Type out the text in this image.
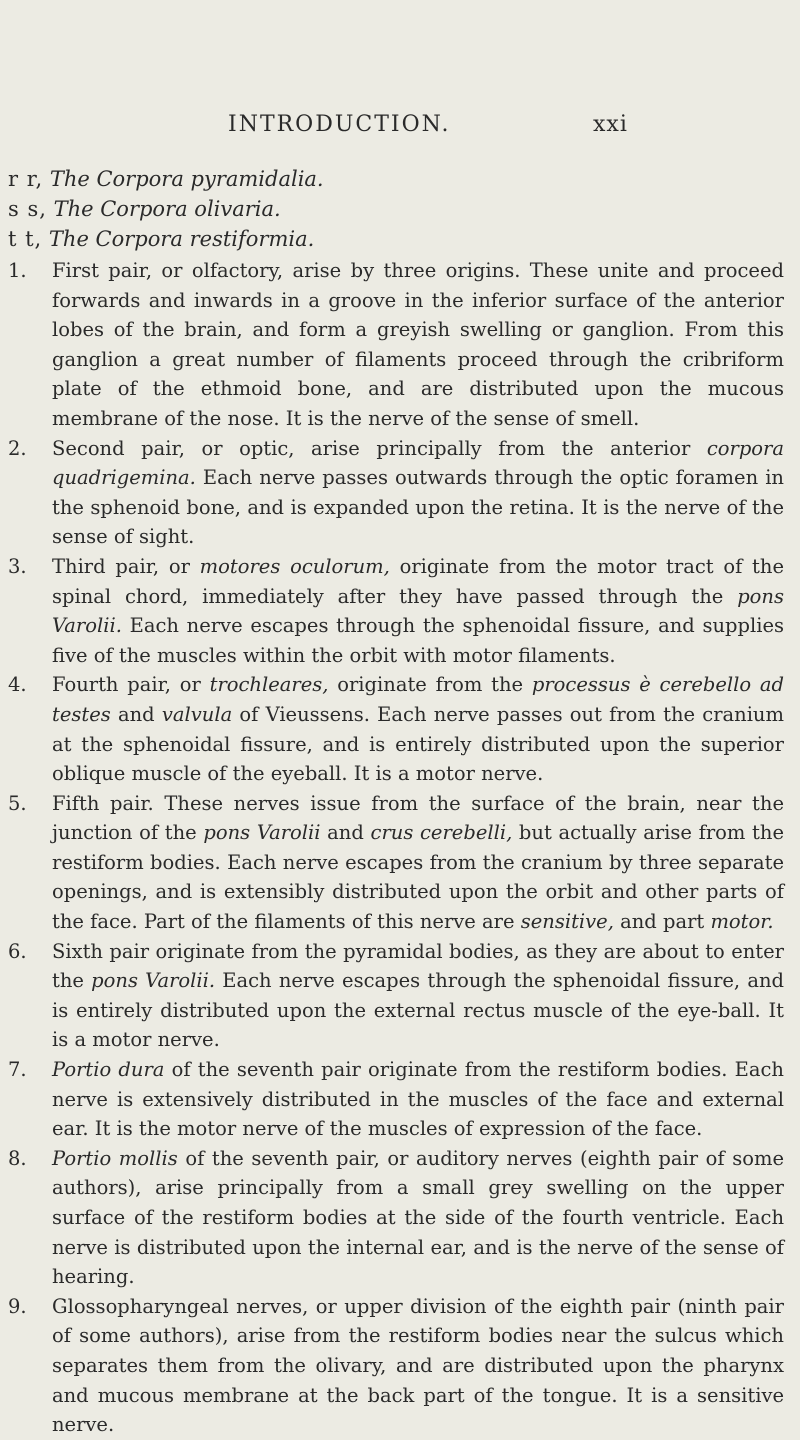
INTRODUCTION.	xxi
r r, The Corpora pyramidalia.
s s, The Corpora olivaria.
t t, The Corpora restiformia.

1. First pair, or olfactory, arise by three origins. These unite and proceed forwards and inwards in a groove in the inferior surface of the anterior lobes of the brain, and form a greyish swelling or ganglion. From this ganglion a great number of filaments proceed through the cribriform plate of the ethmoid bone, and are distributed upon the mucous membrane of the nose. It is the nerve of the sense of smell.

2. Second pair, or optic, arise principally from the anterior corpora quadrigemina. Each nerve passes outwards through the optic foramen in the sphenoid bone, and is expanded upon the retina. It is the nerve of the sense of sight.

3. Third pair, or motores oculorum, originate from the motor tract of the spinal chord, immediately after they have passed through the pons Varolii. Each nerve escapes through the sphenoidal fissure, and supplies five of the muscles within the orbit with motor filaments.

4. Fourth pair, or trochleares, originate from the processus è cerebello ad testes and valvula of Vieussens. Each nerve passes out from the cranium at the sphenoidal fissure, and is entirely distributed upon the superior oblique muscle of the eyeball. It is a motor nerve.

5. Fifth pair. These nerves issue from the surface of the brain, near the junction of the pons Varolii and crus cerebelli, but actually arise from the restiform bodies. Each nerve escapes from the cranium by three separate openings, and is extensibly distributed upon the orbit and other parts of the face. Part of the filaments of this nerve are sensitive, and part motor.

6. Sixth pair originate from the pyramidal bodies, as they are about to enter the pons Varolii. Each nerve escapes through the sphenoidal fissure, and is entirely distributed upon the external rectus muscle of the eye-ball. It is a motor nerve.

7. Portio dura of the seventh pair originate from the restiform bodies. Each nerve is extensively distributed in the muscles of the face and external ear. It is the motor nerve of the muscles of expression of the face.

8. Portio mollis of the seventh pair, or auditory nerves (eighth pair of some authors), arise principally from a small grey swelling on the upper surface of the restiform bodies at the side of the fourth ventricle. Each nerve is distributed upon the internal ear, and is the nerve of the sense of hearing.

9. Glossopharyngeal nerves, or upper division of the eighth pair (ninth pair of some authors), arise from the restiform bodies near the sulcus which separates them from the olivary, and are distributed upon the pharynx and mucous membrane at the back part of the tongue. It is a sensitive nerve.
